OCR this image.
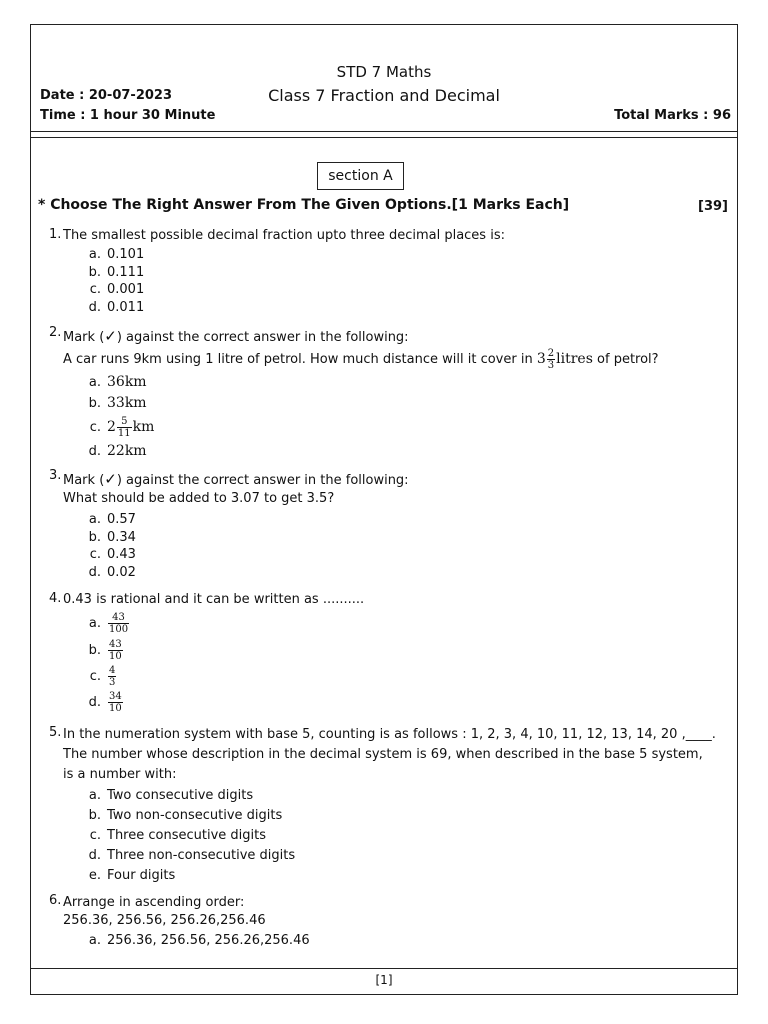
STD 7 Maths
Class 7 Fraction and Decimal
Date : 20-07-2023
Time : 1 hour 30 Minute	Total Marks : 96
section A
* Choose The Right Answer From The Given Options.[1 Marks Each]	[39]
1. The smallest possible decimal fraction upto three decimal places is:
a. 0.101
b. 0.111
c. 0.001
d. 0.011
2. Mark (✓) against the correct answer in the following:
A car runs 9km using 1 litre of petrol. How much distance will it cover in $3 \frac{2}{3}$ litres of petrol?
a. 36km
b. 33km
c. $2 \frac{5}{11}$ km
d. 22km
3. Mark (✓) against the correct answer in the following:
What should be added to 3.07 to get 3.5?
a. 0.57
b. 0.34
c. 0.43
d. 0.02
4. 0.43 is rational and it can be written as ..........
a. $\frac{43}{100}$
b. $\frac{43}{10}$
c. $\frac{4}{3}$
d. $\frac{34}{10}$
5. In the numeration system with base 5, counting is as follows : 1, 2, 3, 4, 10, 11, 12, 13, 14, 20 ,____.
The number whose description in the decimal system is 69, when described in the base 5 system,
is a number with:
a. Two consecutive digits
b. Two non-consecutive digits
c. Three consecutive digits
d. Three non-consecutive digits
e. Four digits
6. Arrange in ascending order:
256.36, 256.56, 256.26,256.46
a. 256.36, 256.56, 256.26,256.46
[1]
